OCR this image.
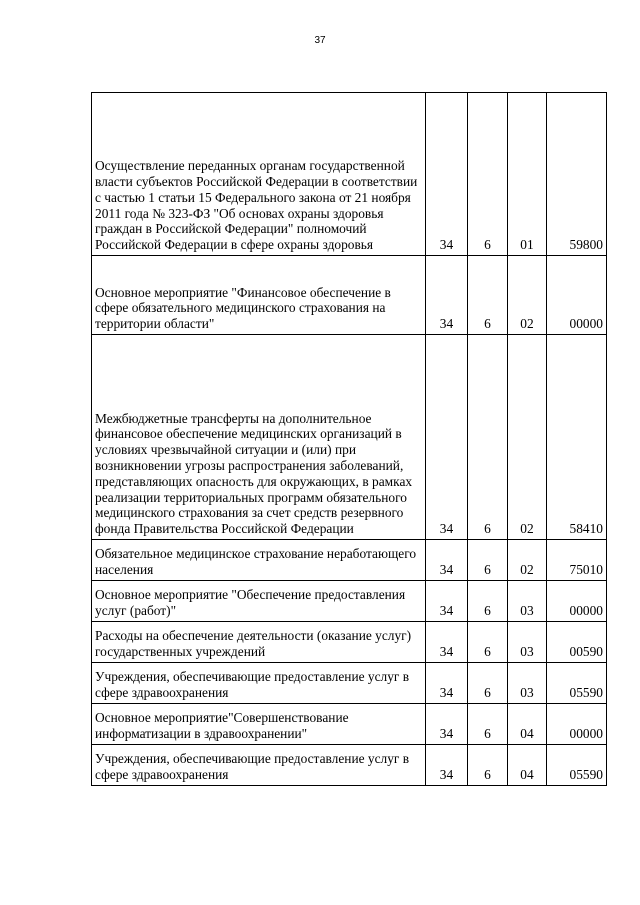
37
Осуществление переданных органам государственной власти субъектов Российской Федерации в соответствии с частью 1 статьи 15 Федерального закона от 21 ноября 2011 года № 323-ФЗ "Об основах охраны здоровья граждан в Российской Федерации" полномочий Российской Федерации в сфере охраны здоровья	34	6	01	59800
Основное мероприятие "Финансовое обеспечение в сфере обязательного медицинского страхования на территории области"	34	6	02	00000
Межбюджетные трансферты на дополнительное финансовое обеспечение медицинских организаций в условиях чрезвычайной ситуации и (или) при возникновении угрозы распространения заболеваний, представляющих опасность для окружающих, в рамках реализации территориальных программ обязательного медицинского страхования за счет средств резервного фонда Правительства Российской Федерации	34	6	02	58410
Обязательное медицинское страхование неработающего населения	34	6	02	75010
Основное мероприятие "Обеспечение предоставления услуг (работ)"	34	6	03	00000
Расходы на обеспечение деятельности (оказание услуг) государственных учреждений	34	6	03	00590
Учреждения, обеспечивающие предоставление услуг в сфере здравоохранения	34	6	03	05590
Основное мероприятие"Совершенствование информатизации в здравоохранении"	34	6	04	00000
Учреждения, обеспечивающие предоставление услуг в сфере здравоохранения	34	6	04	05590
